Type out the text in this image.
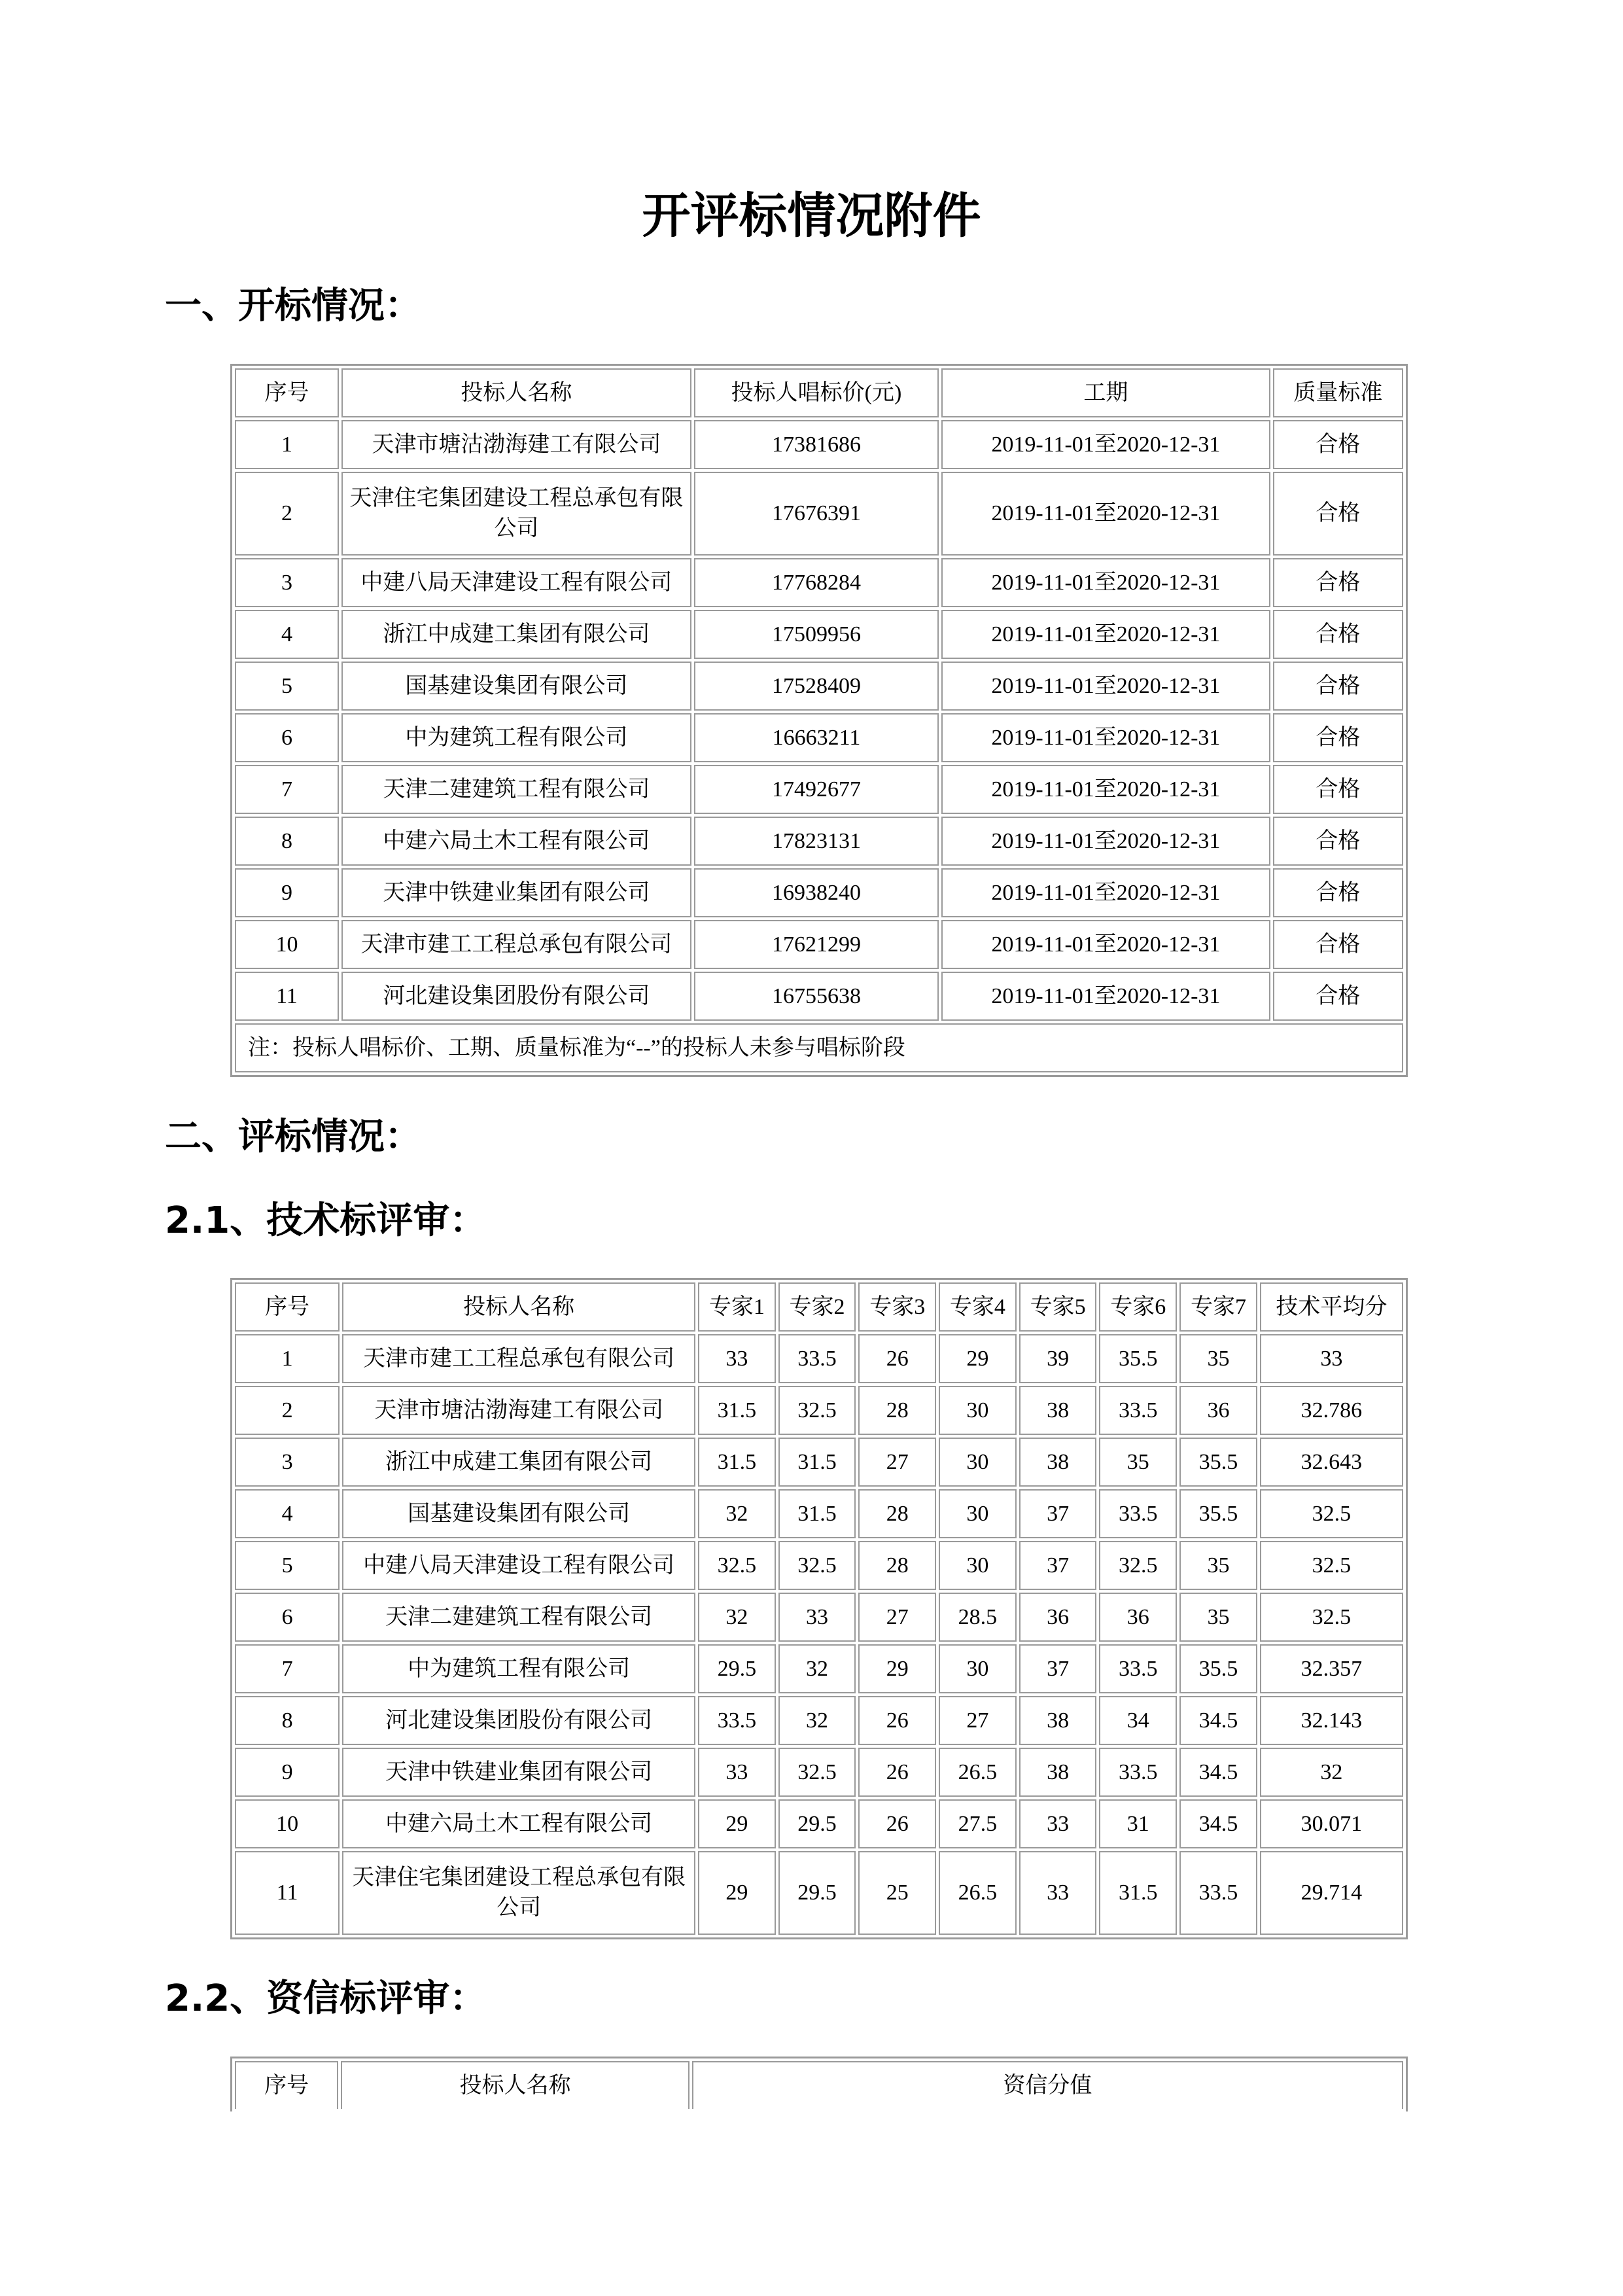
开评标情况附件
一、开标情况：
序号	投标人名称	投标人唱标价(元)	工期	质量标准
1	天津市塘沽渤海建工有限公司	17381686	2019-11-01至2020-12-31	合格
2	天津住宅集团建设工程总承包有限公司	17676391	2019-11-01至2020-12-31	合格
3	中建八局天津建设工程有限公司	17768284	2019-11-01至2020-12-31	合格
4	浙江中成建工集团有限公司	17509956	2019-11-01至2020-12-31	合格
5	国基建设集团有限公司	17528409	2019-11-01至2020-12-31	合格
6	中为建筑工程有限公司	16663211	2019-11-01至2020-12-31	合格
7	天津二建建筑工程有限公司	17492677	2019-11-01至2020-12-31	合格
8	中建六局土木工程有限公司	17823131	2019-11-01至2020-12-31	合格
9	天津中铁建业集团有限公司	16938240	2019-11-01至2020-12-31	合格
10	天津市建工工程总承包有限公司	17621299	2019-11-01至2020-12-31	合格
11	河北建设集团股份有限公司	16755638	2019-11-01至2020-12-31	合格
注：投标人唱标价、工期、质量标准为“--”的投标人未参与唱标阶段				
二、评标情况：
2.1、技术标评审：
序号	投标人名称	专家1	专家2	专家3	专家4	专家5	专家6	专家7	技术平均分
1	天津市建工工程总承包有限公司	33	33.5	26	29	39	35.5	35	33
2	天津市塘沽渤海建工有限公司	31.5	32.5	28	30	38	33.5	36	32.786
3	浙江中成建工集团有限公司	31.5	31.5	27	30	38	35	35.5	32.643
4	国基建设集团有限公司	32	31.5	28	30	37	33.5	35.5	32.5
5	中建八局天津建设工程有限公司	32.5	32.5	28	30	37	32.5	35	32.5
6	天津二建建筑工程有限公司	32	33	27	28.5	36	36	35	32.5
7	中为建筑工程有限公司	29.5	32	29	30	37	33.5	35.5	32.357
8	河北建设集团股份有限公司	33.5	32	26	27	38	34	34.5	32.143
9	天津中铁建业集团有限公司	33	32.5	26	26.5	38	33.5	34.5	32
10	中建六局土木工程有限公司	29	29.5	26	27.5	33	31	34.5	30.071
11	天津住宅集团建设工程总承包有限公司	29	29.5	25	26.5	33	31.5	33.5	29.714
2.2、资信标评审：
序号	投标人名称	资信分值
